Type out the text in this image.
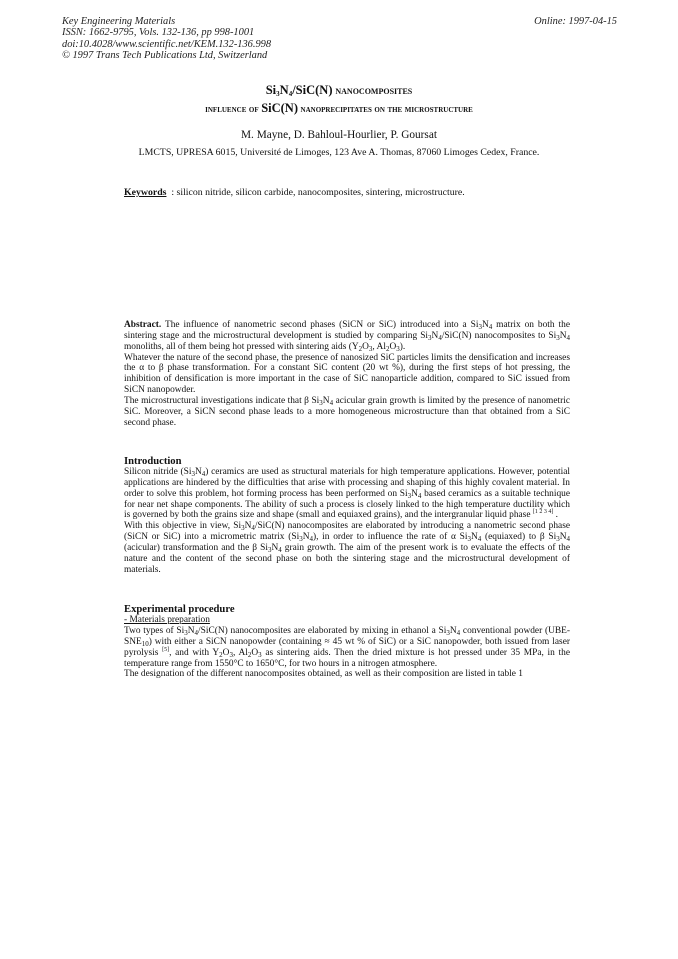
Key Engineering Materials
ISSN: 1662-9795, Vols. 132-136, pp 998-1001
doi:10.4028/www.scientific.net/KEM.132-136.998
© 1997 Trans Tech Publications Ltd, Switzerland
Online: 1997-04-15
$Si_3N_4/SiC(N)$ nanocomposites
influence of SiC(N) nanoprecipitates on the microstructure
M. Mayne, D. Bahloul-Hourlier, P. Goursat
LMCTS, UPRESA 6015, Université de Limoges, 123 Ave A. Thomas, 87060 Limoges Cedex, France.
Keywords : silicon nitride, silicon carbide, nanocomposites, sintering, microstructure.

Abstract. The influence of nanometric second phases (SiCN or SiC) introduced into a $Si_3N_4$ matrix on both the sintering stage and the microstructural development is studied by comparing $Si_3N_4/SiC(N)$ nanocomposites to $Si_3N_4$ monoliths, all of them being hot pressed with sintering aids ($Y_2O_3$, $Al_2O_3$).

Whatever the nature of the second phase, the presence of nanosized SiC particles limits the densification and increases the α to β phase transformation. For a constant SiC content (20 wt %), during the first steps of hot pressing, the inhibition of densification is more important in the case of SiC nanoparticle addition, compared to SiC issued from SiCN nanopowder.

The microstructural investigations indicate that β $Si_3N_4$ acicular grain growth is limited by the presence of nanometric SiC. Moreover, a SiCN second phase leads to a more homogeneous microstructure than that obtained from a SiC second phase.

Introduction

Silicon nitride $(Si_3N_4)$ ceramics are used as structural materials for high temperature applications. However, potential applications are hindered by the difficulties that arise with processing and shaping of this highly covalent material. In order to solve this problem, hot forming process has been performed on $Si_3N_4$ based ceramics as a suitable technique for near net shape components. The ability of such a process is closely linked to the high temperature ductility which is governed by both the grains size and shape (small and equiaxed grains), and the intergranular liquid phase [1 2 3 4] .

With this objective in view, $Si_3N_4/SiC(N)$ nanocomposites are elaborated by introducing a nanometric second phase (SiCN or SiC) into a micrometric matrix $(Si_3N_4)$, in order to influence the rate of α $Si_3N_4$ (equiaxed) to β $Si_3N_4$ (acicular) transformation and the β $Si_3N_4$ grain growth. The aim of the present work is to evaluate the effects of the nature and the content of the second phase on both the sintering stage and the microstructural development of materials.

Experimental procedure
- Materials preparation

Two types of $Si_3N_4/SiC(N)$ nanocomposites are elaborated by mixing in ethanol a $Si_3N_4$ conventional powder $(UBE-SNE_{10})$ with either a SiCN nanopowder (containing ≈ 45 wt % of SiC) or a SiC nanopowder, both issued from laser pyrolysis [5], and with $Y_2O_3$, $Al_2O_3$ as sintering aids. Then the dried mixture is hot pressed under 35 MPa, in the temperature range from 1550°C to 1650°C, for two hours in a nitrogen atmosphere.

The designation of the different nanocomposites obtained, as well as their composition are listed in table 1
